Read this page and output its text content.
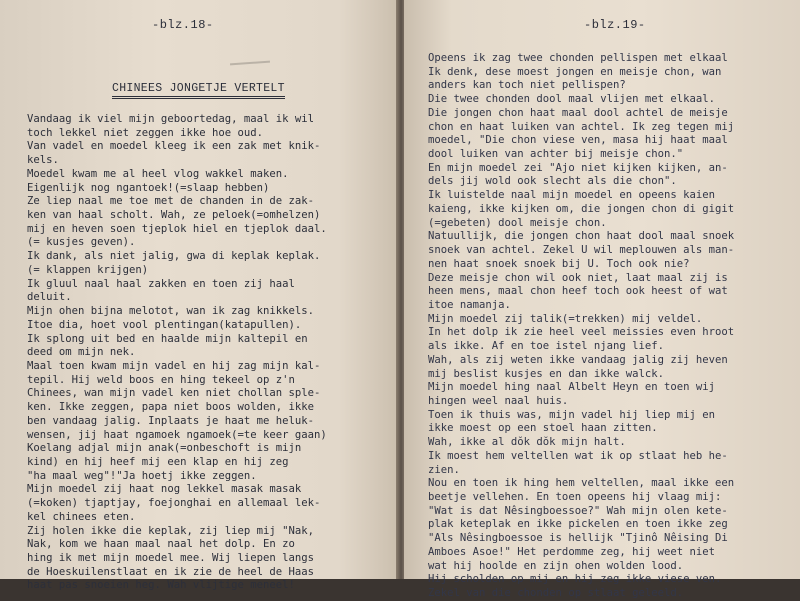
-blz.18-

CHINEES JONGETJE VERTELT
Vandaag ik viel mijn geboortedag, maal ik wil
toch lekkel niet zeggen ikke hoe oud.
Van vadel en moedel kleeg ik een zak met knik-
kels.
Moedel kwam me al heel vlog wakkel maken.
Eigenlijk nog ngantoek!(=slaap hebben)
Ze liep naal me toe met de chanden in de zak-
ken van haal scholt. Wah, ze peloek(=omhelzen)
mij en heven soen tjeplok hiel en tjeplok daal.
(= kusjes geven).
Ik dank, als niet jalig, gwa di keplak keplak.
(= klappen krijgen)
Ik gluul naal haal zakken en toen zij haal
deluit.
Mijn ohen bijna melotot, wan ik zag knikkels.
Itoe dia, hoet vool plentingan(katapullen).
Ik splong uit bed en haalde mijn kaltepil en
deed om mijn nek.
Maal toen kwam mijn vadel en hij zag mijn kal-
tepil. Hij weld boos en hing tekeel op z'n
Chinees, wan mijn vadel ken niet chollan sple-
ken. Ikke zeggen, papa niet boos wolden, ikke
ben vandaag jalig. Inplaats je haat me heluk-
wensen, jij haat ngamoek ngamoek(=te keer gaan)
Koelang adjal mijn anak(=onbeschoft is mijn
kind) en hij heef mij een klap en hij zeg
"ha maal weg"!"Ja hoetj ikke zeggen.
Mijn moedel zij haat nog lekkel masak masak
(=koken) tjaptjay, foejonghai en allemaal lek-
kel chinees eten.
Zij holen ikke die keplak, zij liep mij "Nak,
Nak, kom we haan maal naal het dolp. En zo
hing ik met mijn moedel mee. Wij liepen langs
de Hoeskuilenstlaat en ik zie de heel de Haas
haat pas snoeien heg. Wah vlijtige meneel!

-blz.19-

Opeens ik zag twee chonden pellispen met elkaal
Ik denk, dese moest jongen en meisje chon, wan
anders kan toch niet pellispen?
Die twee chonden dool maal vlijen met elkaal.
Die jongen chon haat maal dool achtel de meisje
chon en haat luiken van achtel. Ik zeg tegen mij
moedel, "Die chon viese ven, masa hij haat maal
dool luiken van achter bij meisje chon."
En mijn moedel zei "Ajo niet kijken kijken, an-
dels jij wold ook slecht als die chon".
Ik luistelde naal mijn moedel en opeens kaien
kaieng, ikke kijken om, die jongen chon di gigit
(=gebeten) dool meisje chon.
Natuullijk, die jongen chon haat dool maal snoek
snoek van achtel. Zekel U wil meplouwen als man-
nen haat snoek snoek bij U. Toch ook nie?
Deze meisje chon wil ook niet, laat maal zij is
heen mens, maal chon heef toch ook heest of wat
itoe namanja.
Mijn moedel zij talik(=trekken) mij veldel.
In het dolp ik zie heel veel meissies even hroot
als ikke. Af en toe istel njang lief.
Wah, als zij weten ikke vandaag jalig zij heven
mij beslist kusjes en dan ikke walck.
Mijn moedel hing naal Albelt Heyn en toen wij
hingen weel naal huis.
Toen ik thuis was, mijn vadel hij liep mij en
ikke moest op een stoel haan zitten.
Wah, ikke al dŏk dŏk mijn halt.
Ik moest hem veltellen wat ik op stlaat heb he-
zien.
Nou en toen ik hing hem veltellen, maal ikke een
beetje vellehen. En toen opeens hij vlaag mij:
"Wat is dat Nêsingboessoe?" Wah mijn olen kete-
plak keteplak en ikke pickelen en toen ikke zeg
"Als Nêsingboessoe is hellijk "Tjinô Nêising Di
Amboes Asoe!" Het perdomme zeg, hij weet niet
wat hij hoolde en zijn ohen wolden lood.
Hij scholden op mij en hij zeg ikke viese ven.
Zekel van die chonden op stlaat geleeld.
